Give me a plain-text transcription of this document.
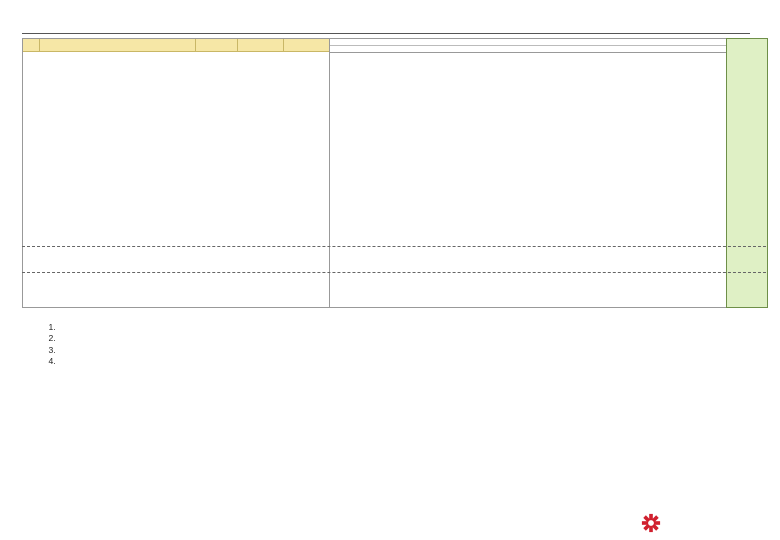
1.
2.
3.
4.
